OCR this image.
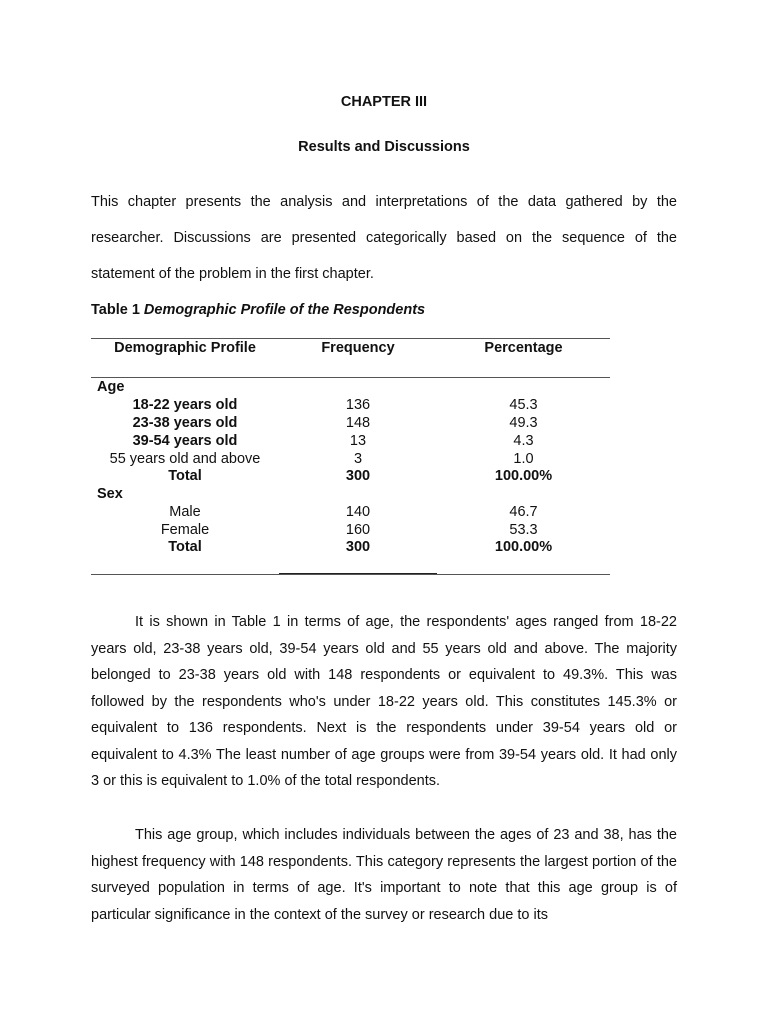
CHAPTER III
Results and Discussions

This chapter presents the analysis and interpretations of the data gathered by the researcher. Discussions are presented categorically based on the sequence of the statement of the problem in the first chapter.

Table 1 Demographic Profile of the Respondents
Demographic Profile	Frequency	Percentage
Age
18-22 years old	136	45.3
23-38 years old	148	49.3
39-54 years old	13	4.3
55 years old and above	3	1.0
Total	300	100.00%
Sex
Male	140	46.7
Female	160	53.3
Total	300	100.00%

It is shown in Table 1 in terms of age, the respondents' ages ranged from 18-22 years old, 23-38 years old, 39-54 years old and 55 years old and above. The majority belonged to 23-38 years old with 148 respondents or equivalent to 49.3%. This was followed by the respondents who's under 18-22 years old. This constitutes 145.3% or equivalent to 136 respondents. Next is the respondents under 39-54 years old or equivalent to 4.3% The least number of age groups were from 39-54 years old. It had only 3 or this is equivalent to 1.0% of the total respondents.

This age group, which includes individuals between the ages of 23 and 38, has the highest frequency with 148 respondents. This category represents the largest portion of the surveyed population in terms of age. It's important to note that this age group is of particular significance in the context of the survey or research due to its
